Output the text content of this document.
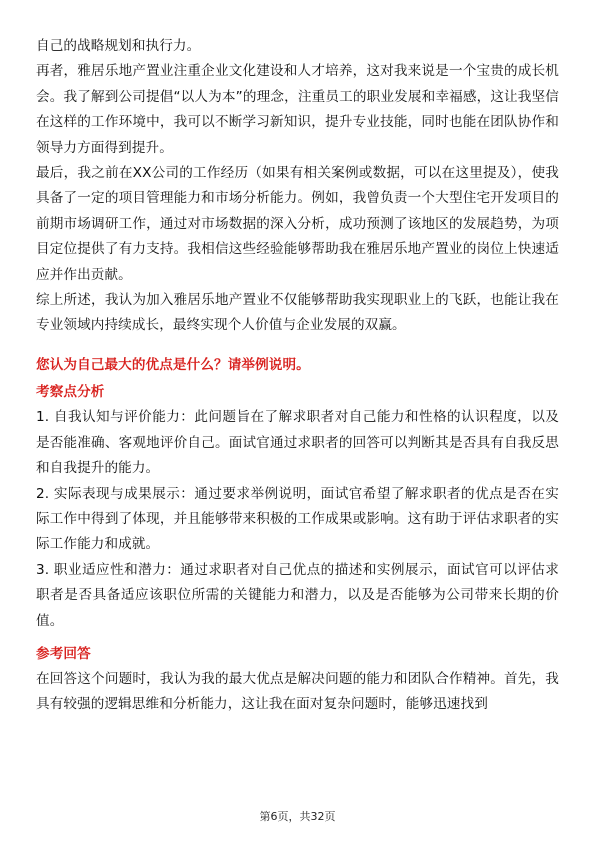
自己的战略规划和执行力。

再者，雅居乐地产置业注重企业文化建设和人才培养，这对我来说是一个宝贵的成长机会。我了解到公司提倡“以人为本”的理念，注重员工的职业发展和幸福感，这让我坚信在这样的工作环境中，我可以不断学习新知识，提升专业技能，同时也能在团队协作和领导力方面得到提升。

最后，我之前在XX公司的工作经历（如果有相关案例或数据，可以在这里提及），使我具备了一定的项目管理能力和市场分析能力。例如，我曾负责一个大型住宅开发项目的前期市场调研工作，通过对市场数据的深入分析，成功预测了该地区的发展趋势，为项目定位提供了有力支持。我相信这些经验能够帮助我在雅居乐地产置业的岗位上快速适应并作出贡献。

综上所述，我认为加入雅居乐地产置业不仅能够帮助我实现职业上的飞跃，也能让我在专业领域内持续成长，最终实现个人价值与企业发展的双赢。

您认为自己最大的优点是什么？请举例说明。

考察点分析

1. 自我认知与评价能力：此问题旨在了解求职者对自己能力和性格的认识程度，以及是否能准确、客观地评价自己。面试官通过求职者的回答可以判断其是否具有自我反思和自我提升的能力。

2. 实际表现与成果展示：通过要求举例说明，面试官希望了解求职者的优点是否在实际工作中得到了体现，并且能够带来积极的工作成果或影响。这有助于评估求职者的实际工作能力和成就。

3. 职业适应性和潜力：通过求职者对自己优点的描述和实例展示，面试官可以评估求职者是否具备适应该职位所需的关键能力和潜力，以及是否能够为公司带来长期的价值。

参考回答

在回答这个问题时，我认为我的最大优点是解决问题的能力和团队合作精神。首先，我具有较强的逻辑思维和分析能力，这让我在面对复杂问题时，能够迅速找到

第6页，共32页
